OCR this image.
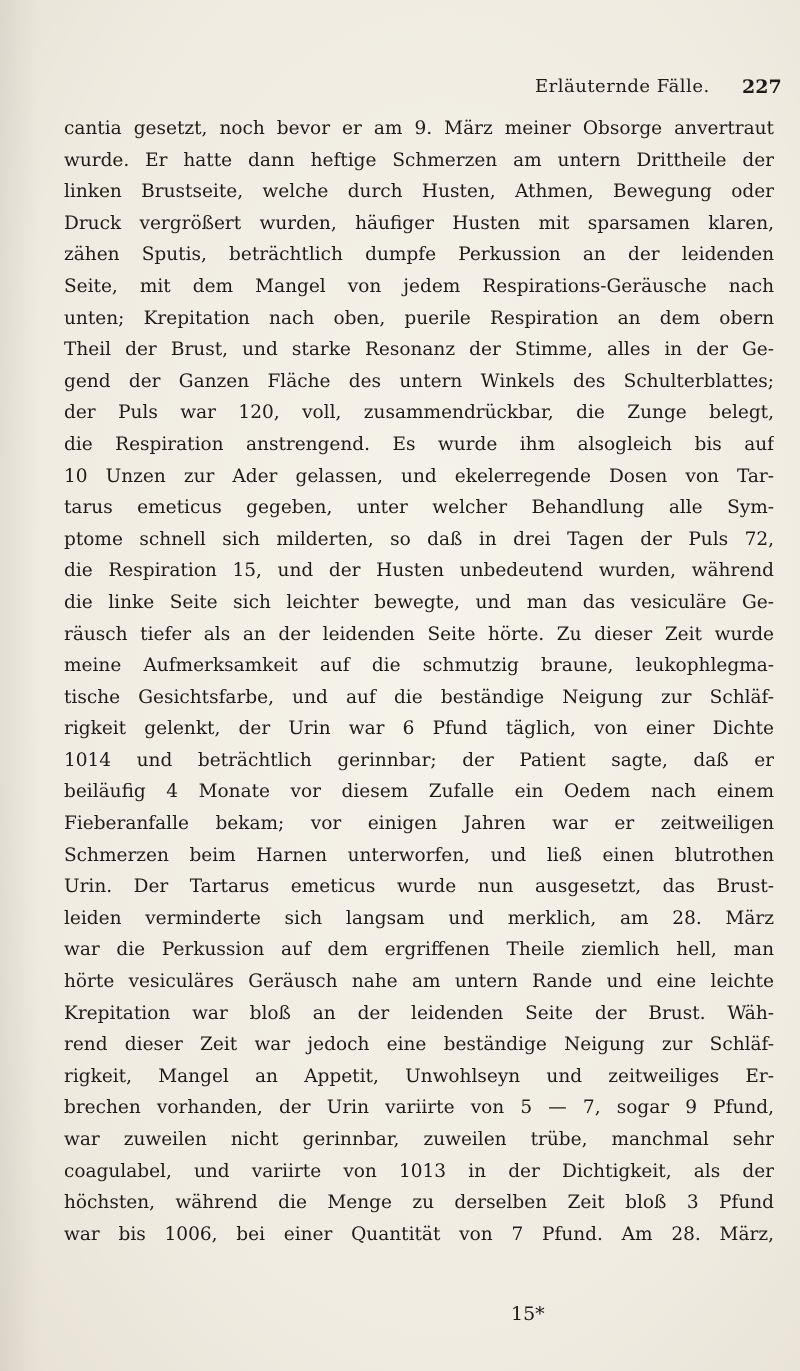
Erläuternde Fälle. 227
cantia gesetzt, noch bevor er am 9. März meiner Obsorge anvertraut
wurde. Er hatte dann heftige Schmerzen am untern Drittheile der
linken Brustseite, welche durch Husten, Athmen, Bewegung oder
Druck vergrößert wurden, häufiger Husten mit sparsamen klaren,
zähen Sputis, beträchtlich dumpfe Perkussion an der leidenden
Seite, mit dem Mangel von jedem Respirations-Geräusche nach
unten; Krepitation nach oben, puerile Respiration an dem obern
Theil der Brust, und starke Resonanz der Stimme, alles in der Ge-
gend der Ganzen Fläche des untern Winkels des Schulterblattes;
der Puls war 120, voll, zusammendrückbar, die Zunge belegt,
die Respiration anstrengend. Es wurde ihm alsogleich bis auf
10 Unzen zur Ader gelassen, und ekelerregende Dosen von Tar-
tarus emeticus gegeben, unter welcher Behandlung alle Sym-
ptome schnell sich milderten, so daß in drei Tagen der Puls 72,
die Respiration 15, und der Husten unbedeutend wurden, während
die linke Seite sich leichter bewegte, und man das vesiculäre Ge-
räusch tiefer als an der leidenden Seite hörte. Zu dieser Zeit wurde
meine Aufmerksamkeit auf die schmutzig braune, leukophlegma-
tische Gesichtsfarbe, und auf die beständige Neigung zur Schläf-
rigkeit gelenkt, der Urin war 6 Pfund täglich, von einer Dichte
1014 und beträchtlich gerinnbar; der Patient sagte, daß er
beiläufig 4 Monate vor diesem Zufalle ein Oedem nach einem
Fieberanfalle bekam; vor einigen Jahren war er zeitweiligen
Schmerzen beim Harnen unterworfen, und ließ einen blutrothen
Urin. Der Tartarus emeticus wurde nun ausgesetzt, das Brust-
leiden verminderte sich langsam und merklich, am 28. März
war die Perkussion auf dem ergriffenen Theile ziemlich hell, man
hörte vesiculäres Geräusch nahe am untern Rande und eine leichte
Krepitation war bloß an der leidenden Seite der Brust. Wäh-
rend dieser Zeit war jedoch eine beständige Neigung zur Schläf-
rigkeit, Mangel an Appetit, Unwohlseyn und zeitweiliges Er-
brechen vorhanden, der Urin variirte von 5 — 7, sogar 9 Pfund,
war zuweilen nicht gerinnbar, zuweilen trübe, manchmal sehr
coagulabel, und variirte von 1013 in der Dichtigkeit, als der
höchsten, während die Menge zu derselben Zeit bloß 3 Pfund
war bis 1006, bei einer Quantität von 7 Pfund. Am 28. März,
15*
